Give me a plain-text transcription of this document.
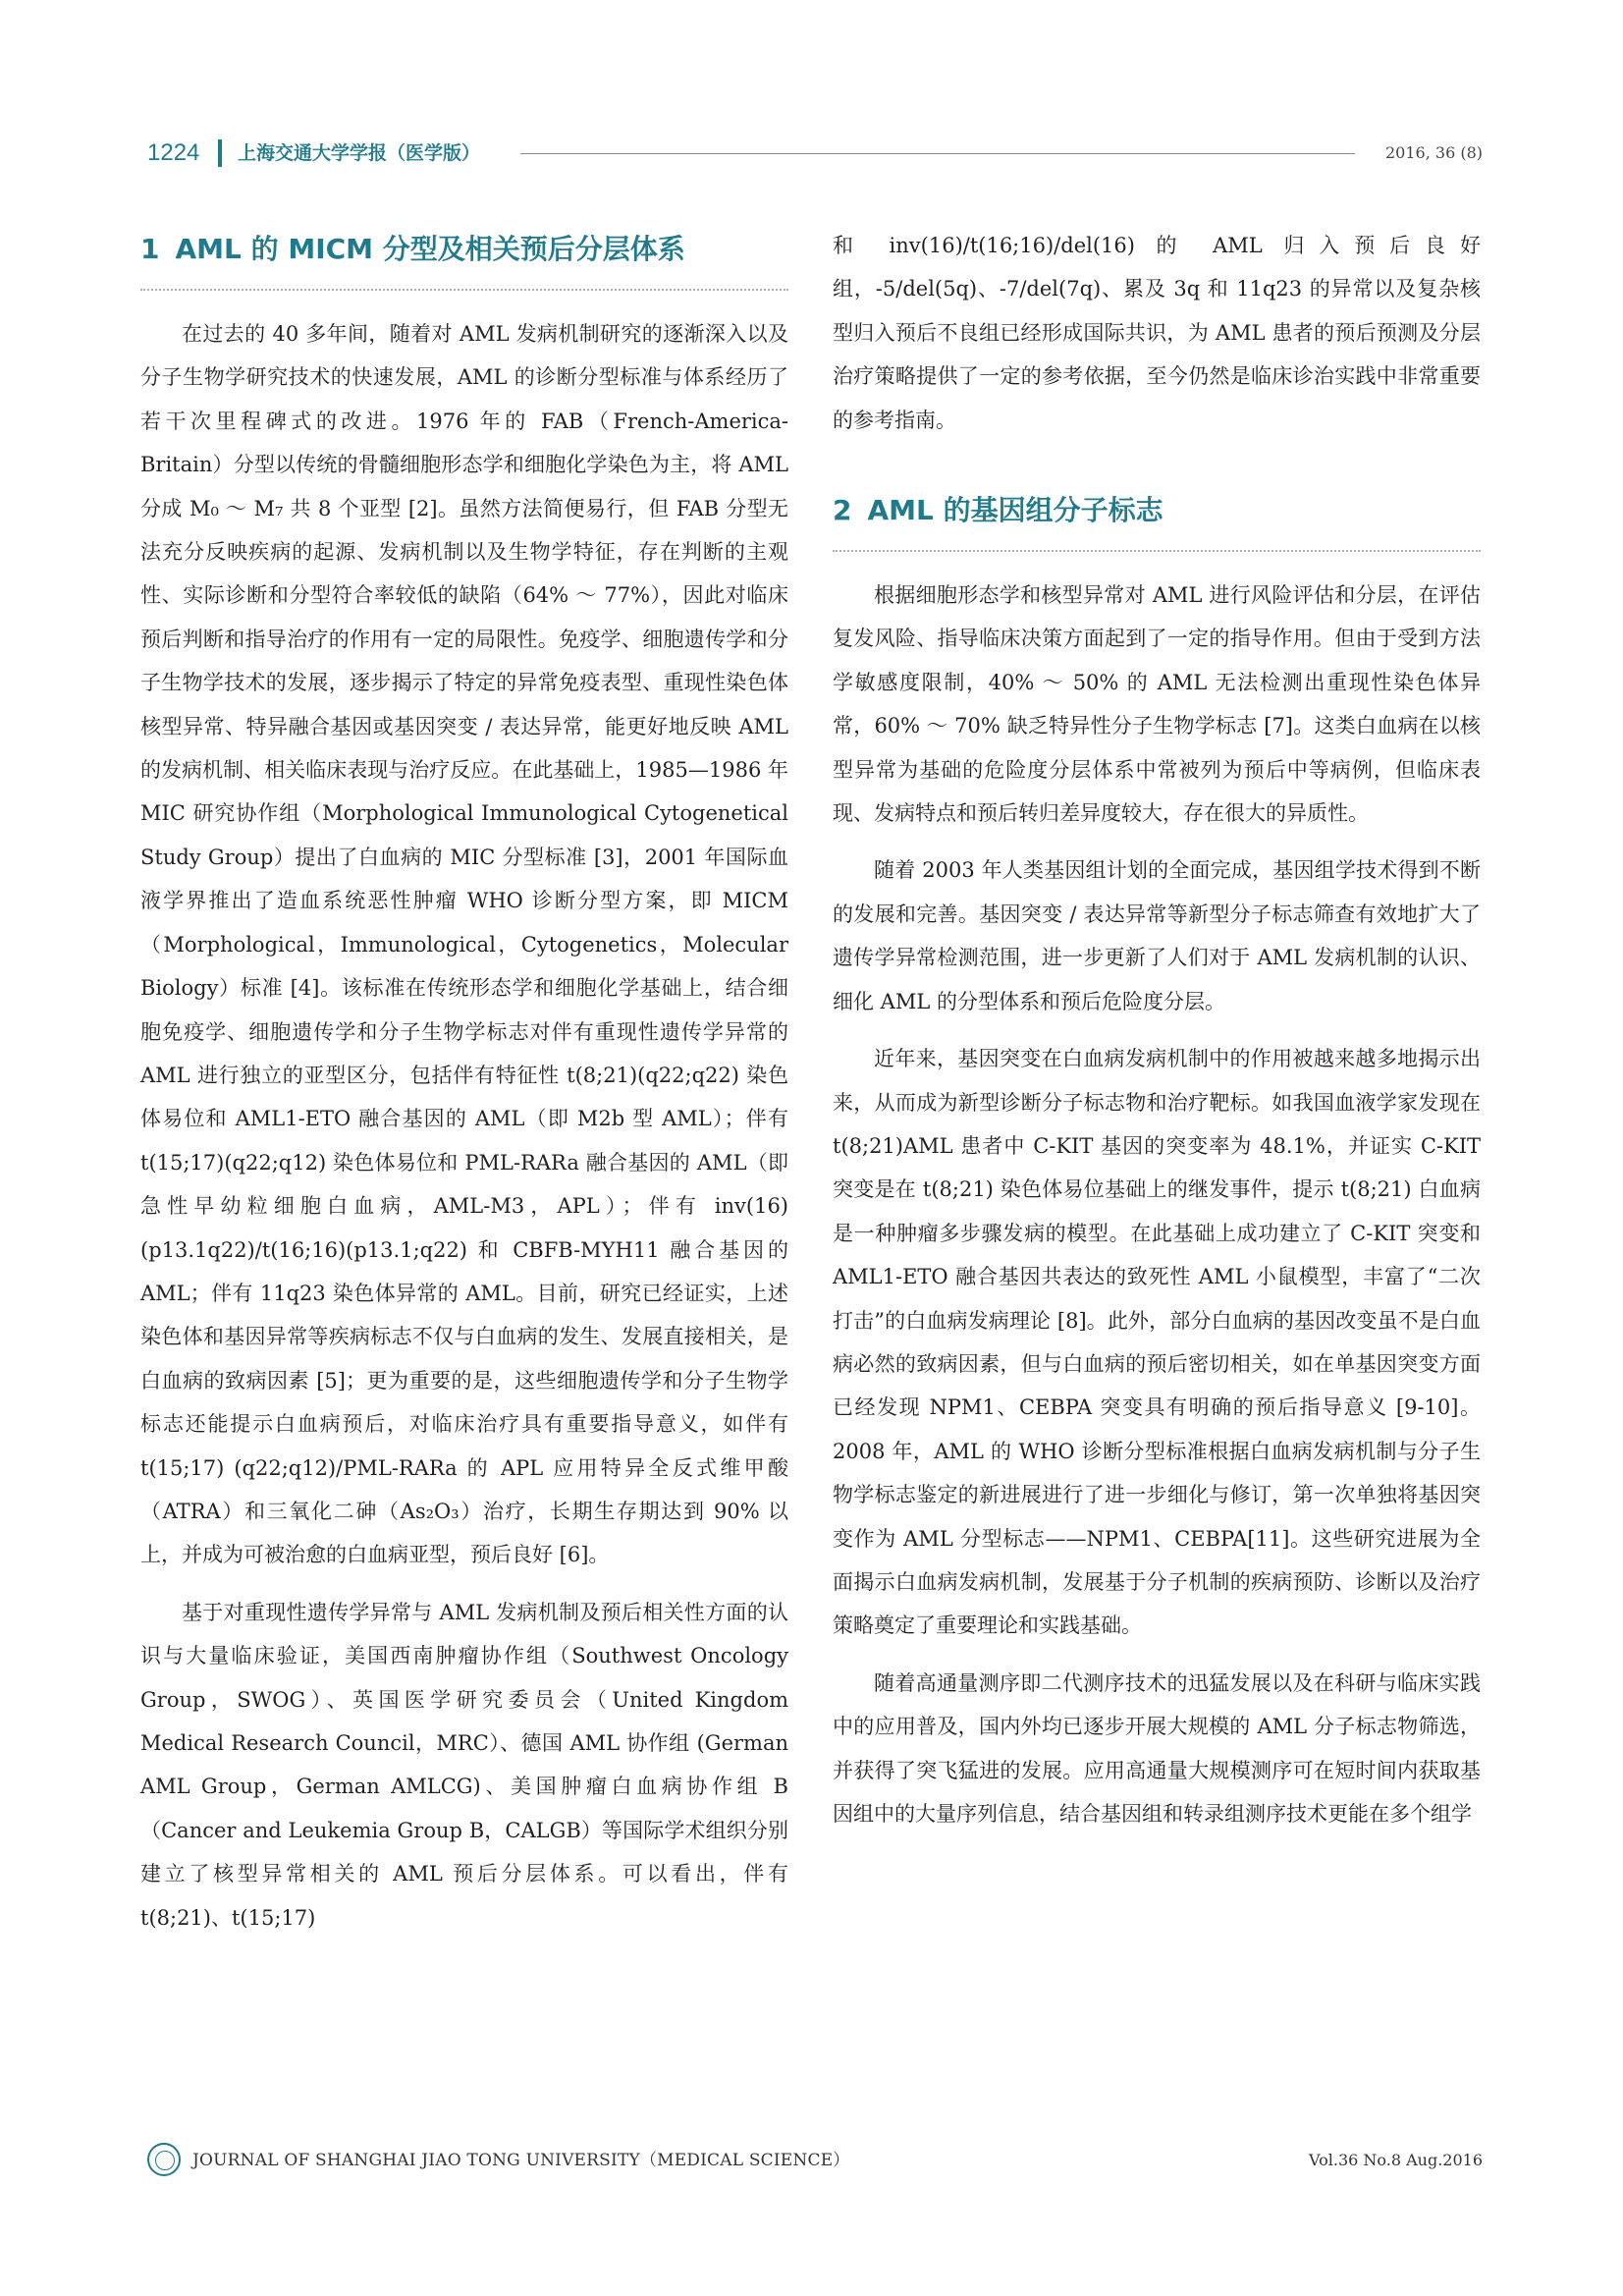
1224 上海交通大学学报（医学版）	2016, 36 (8)
1 AML 的 MICM 分型及相关预后分层体系

在过去的 40 多年间，随着对 AML 发病机制研究的逐渐深入以及分子生物学研究技术的快速发展，AML 的诊断分型标准与体系经历了若干次里程碑式的改进。1976 年的 FAB（French-America-Britain）分型以传统的骨髓细胞形态学和细胞化学染色为主，将 AML 分成 M₀ ～ M₇ 共 8 个亚型 [2]。虽然方法简便易行，但 FAB 分型无法充分反映疾病的起源、发病机制以及生物学特征，存在判断的主观性、实际诊断和分型符合率较低的缺陷（64% ～ 77%），因此对临床预后判断和指导治疗的作用有一定的局限性。免疫学、细胞遗传学和分子生物学技术的发展，逐步揭示了特定的异常免疫表型、重现性染色体核型异常、特异融合基因或基因突变 / 表达异常，能更好地反映 AML 的发病机制、相关临床表现与治疗反应。在此基础上，1985—1986 年 MIC 研究协作组（Morphological Immunological Cytogenetical Study Group）提出了白血病的 MIC 分型标准 [3]，2001 年国际血液学界推出了造血系统恶性肿瘤 WHO 诊断分型方案，即 MICM（Morphological，Immunological，Cytogenetics，Molecular Biology）标准 [4]。该标准在传统形态学和细胞化学基础上，结合细胞免疫学、细胞遗传学和分子生物学标志对伴有重现性遗传学异常的 AML 进行独立的亚型区分，包括伴有特征性 t(8;21)(q22;q22) 染色体易位和 AML1-ETO 融合基因的 AML（即 M2b 型 AML）；伴有 t(15;17)(q22;q12) 染色体易位和 PML-RARa 融合基因的 AML（即急性早幼粒细胞白血病，AML-M3，APL）；伴有 inv(16)(p13.1q22)/t(16;16)(p13.1;q22) 和 CBFB-MYH11 融合基因的 AML；伴有 11q23 染色体异常的 AML。目前，研究已经证实，上述染色体和基因异常等疾病标志不仅与白血病的发生、发展直接相关，是白血病的致病因素 [5]；更为重要的是，这些细胞遗传学和分子生物学标志还能提示白血病预后，对临床治疗具有重要指导意义，如伴有 t(15;17) (q22;q12)/PML-RARa 的 APL 应用特异全反式维甲酸（ATRA）和三氧化二砷（As₂O₃）治疗，长期生存期达到 90% 以上，并成为可被治愈的白血病亚型，预后良好 [6]。

基于对重现性遗传学异常与 AML 发病机制及预后相关性方面的认识与大量临床验证，美国西南肿瘤协作组（Southwest Oncology Group，SWOG）、英国医学研究委员会（United Kingdom Medical Research Council，MRC）、德国 AML 协作组 (German AML Group，German AMLCG)、美国肿瘤白血病协作组 B（Cancer and Leukemia Group B，CALGB）等国际学术组织分别建立了核型异常相关的 AML 预后分层体系。可以看出，伴有 t(8;21)、t(15;17)

和 inv(16)/t(16;16)/del(16) 的 AML 归入预后良好组，-5/del(5q)、-7/del(7q)、累及 3q 和 11q23 的异常以及复杂核型归入预后不良组已经形成国际共识，为 AML 患者的预后预测及分层治疗策略提供了一定的参考依据，至今仍然是临床诊治实践中非常重要的参考指南。

2 AML 的基因组分子标志

根据细胞形态学和核型异常对 AML 进行风险评估和分层，在评估复发风险、指导临床决策方面起到了一定的指导作用。但由于受到方法学敏感度限制，40% ～ 50% 的 AML 无法检测出重现性染色体异常，60% ～ 70% 缺乏特异性分子生物学标志 [7]。这类白血病在以核型异常为基础的危险度分层体系中常被列为预后中等病例，但临床表现、发病特点和预后转归差异度较大，存在很大的异质性。

随着 2003 年人类基因组计划的全面完成，基因组学技术得到不断的发展和完善。基因突变 / 表达异常等新型分子标志筛查有效地扩大了遗传学异常检测范围，进一步更新了人们对于 AML 发病机制的认识、细化 AML 的分型体系和预后危险度分层。

近年来，基因突变在白血病发病机制中的作用被越来越多地揭示出来，从而成为新型诊断分子标志物和治疗靶标。如我国血液学家发现在 t(8;21)AML 患者中 C-KIT 基因的突变率为 48.1%，并证实 C-KIT 突变是在 t(8;21) 染色体易位基础上的继发事件，提示 t(8;21) 白血病是一种肿瘤多步骤发病的模型。在此基础上成功建立了 C-KIT 突变和 AML1-ETO 融合基因共表达的致死性 AML 小鼠模型，丰富了“二次打击”的白血病发病理论 [8]。此外，部分白血病的基因改变虽不是白血病必然的致病因素，但与白血病的预后密切相关，如在单基因突变方面已经发现 NPM1、CEBPA 突变具有明确的预后指导意义 [9-10]。2008 年，AML 的 WHO 诊断分型标准根据白血病发病机制与分子生物学标志鉴定的新进展进行了进一步细化与修订，第一次单独将基因突变作为 AML 分型标志——NPM1、CEBPA[11]。这些研究进展为全面揭示白血病发病机制，发展基于分子机制的疾病预防、诊断以及治疗策略奠定了重要理论和实践基础。

随着高通量测序即二代测序技术的迅猛发展以及在科研与临床实践中的应用普及，国内外均已逐步开展大规模的 AML 分子标志物筛选，并获得了突飞猛进的发展。应用高通量大规模测序可在短时间内获取基因组中的大量序列信息，结合基因组和转录组测序技术更能在多个组学

JOURNAL OF SHANGHAI JIAO TONG UNIVERSITY（MEDICAL SCIENCE）	Vol.36 No.8 Aug.2016
